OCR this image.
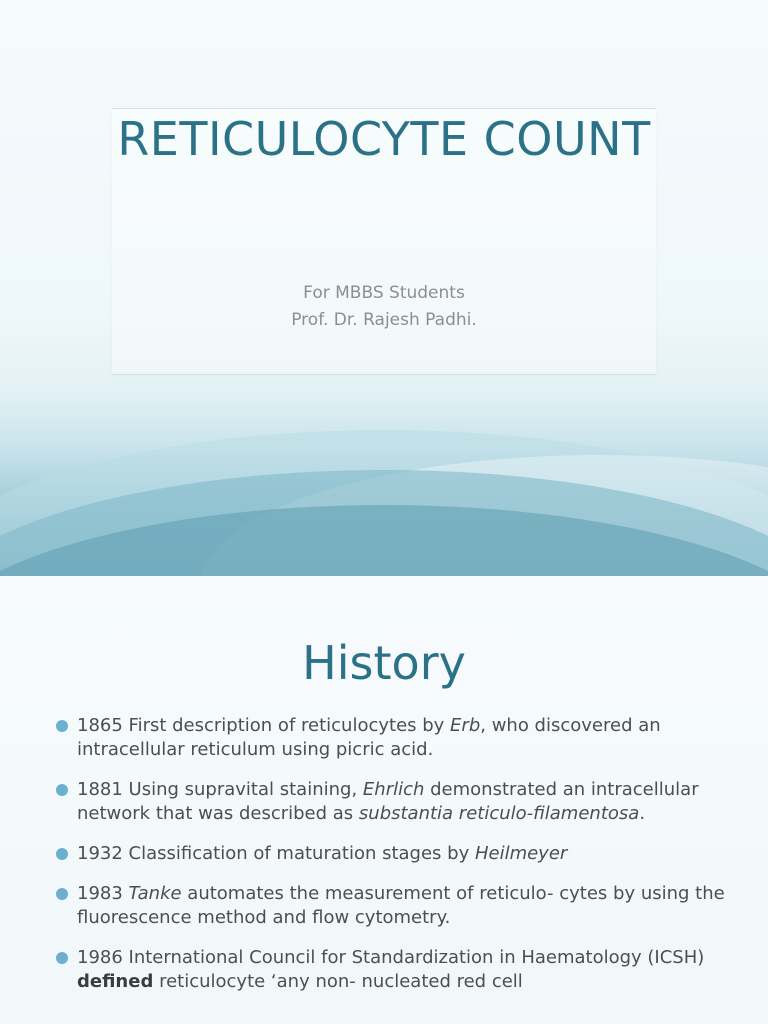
RETICULOCYTE COUNT

For MBBS Students

Prof. Dr. Rajesh Padhi.

History
1865 First description of reticulocytes by Erb, who discovered an intracellular reticulum using picric acid.
1881 Using supravital staining, Ehrlich demonstrated an intracellular network that was described as substantia reticulo-filamentosa.
1932 Classification of maturation stages by Heilmeyer
1983 Tanke automates the measurement of reticulo- cytes by using the fluorescence method and flow cytometry.
1986 International Council for Standardization in Haematology (ICSH) defined reticulocyte ‘any non- nucleated red cell
